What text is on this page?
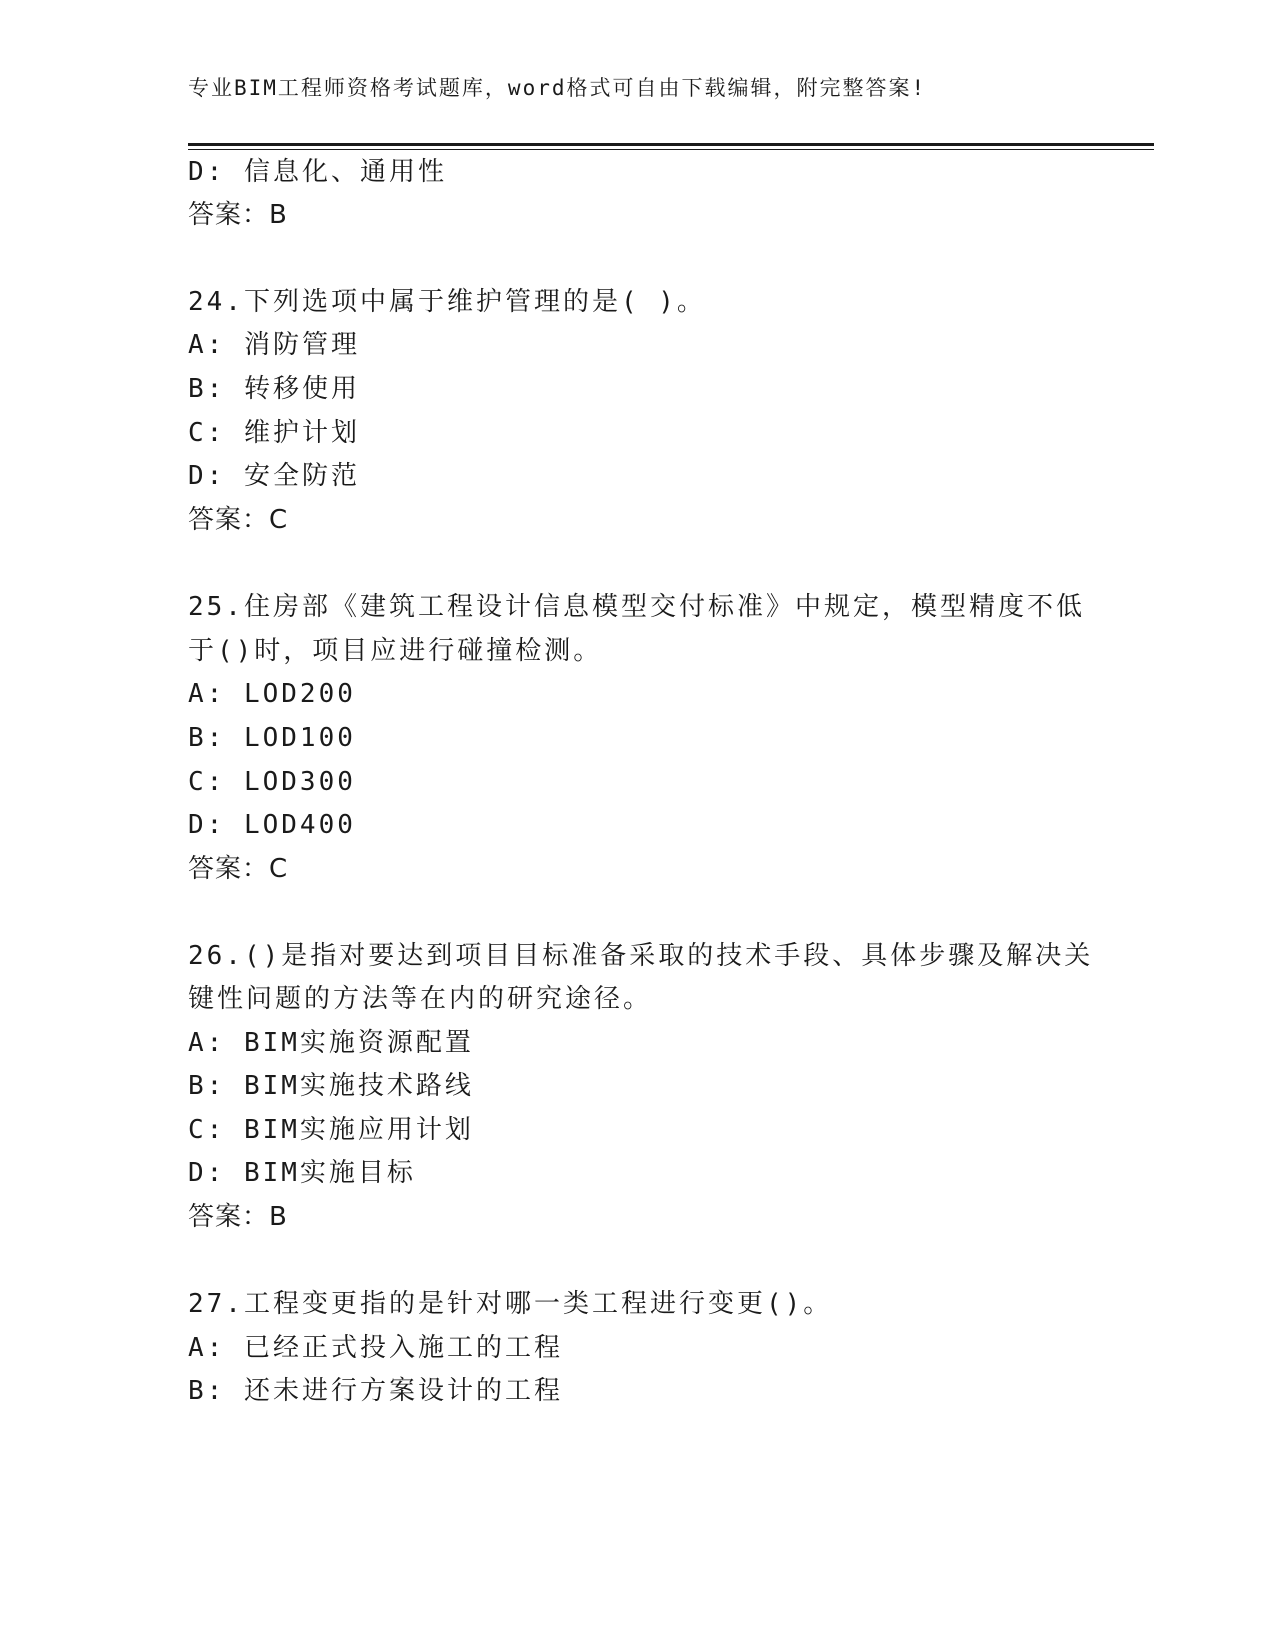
专业BIM工程师资格考试题库，word格式可自由下载编辑，附完整答案!
D: 信息化、通用性
答案：B
24.下列选项中属于维护管理的是( )。
A: 消防管理
B: 转移使用
C: 维护计划
D: 安全防范
答案：C
25.住房部《建筑工程设计信息模型交付标准》中规定，模型精度不低
于()时，项目应进行碰撞检测。
A: LOD200
B: LOD100
C: LOD300
D: LOD400
答案：C
26.()是指对要达到项目目标准备采取的技术手段、具体步骤及解决关
键性问题的方法等在内的研究途径。
A: BIM实施资源配置
B: BIM实施技术路线
C: BIM实施应用计划
D: BIM实施目标
答案：B
27.工程变更指的是针对哪一类工程进行变更()。
A: 已经正式投入施工的工程
B: 还未进行方案设计的工程
